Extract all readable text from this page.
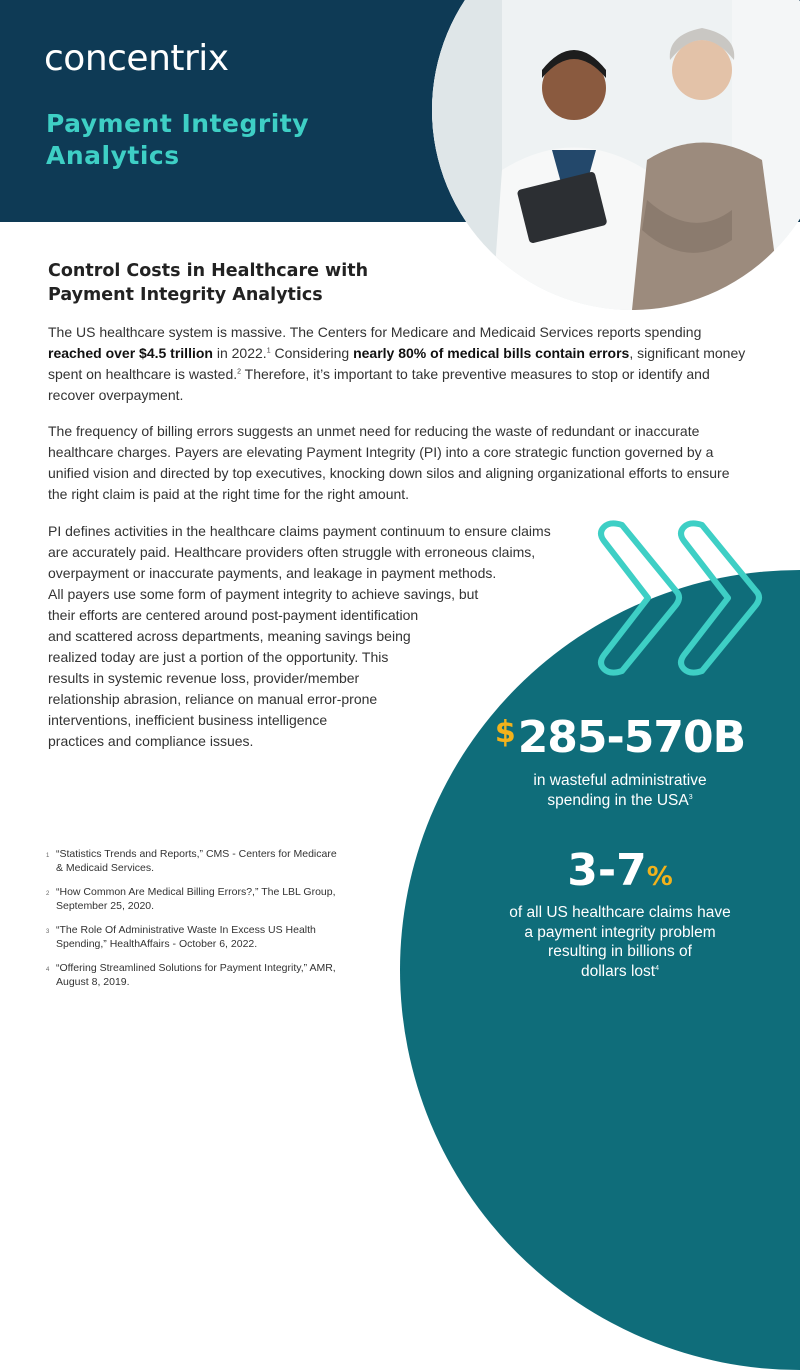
concentrix
Payment Integrity Analytics
Control Costs in Healthcare with Payment Integrity Analytics

The US healthcare system is massive. The Centers for Medicare and Medicaid Services reports spending reached over $4.5 trillion in 2022.$^1$ Considering nearly 80% of medical bills contain errors, significant money spent on healthcare is wasted.$^2$ Therefore, it’s important to take preventive measures to stop or identify and recover overpayment.

The frequency of billing errors suggests an unmet need for reducing the waste of redundant or inaccurate healthcare charges. Payers are elevating Payment Integrity (PI) into a core strategic function governed by a unified vision and directed by top executives, knocking down silos and aligning organizational efforts to ensure the right claim is paid at the right time for the right amount.

PI defines activities in the healthcare claims payment continuum to ensure claims
are accurately paid. Healthcare providers often struggle with erroneous claims,
overpayment or inaccurate payments, and leakage in payment methods.
All payers use some form of payment integrity to achieve savings, but
their efforts are centered around post-payment identification
and scattered across departments, meaning savings being
realized today are just a portion of the opportunity. This
results in systemic revenue loss, provider/member
relationship abrasion, reliance on manual error-prone
interventions, inefficient business intelligence
practices and compliance issues.	$285-570B
in wasteful administrative
spending in the USA$^3$
3-7%
of all US healthcare claims have
a payment integrity problem
resulting in billions of
dollars lost$^4$
1 “Statistics Trends and Reports,” CMS - Centers for Medicare & Medicaid Services.
2 “How Common Are Medical Billing Errors?,” The LBL Group, September 25, 2020.
3 “The Role Of Administrative Waste In Excess US Health Spending,” HealthAffairs - October 6, 2022.
4 “Offering Streamlined Solutions for Payment Integrity,” AMR, August 8, 2019.
